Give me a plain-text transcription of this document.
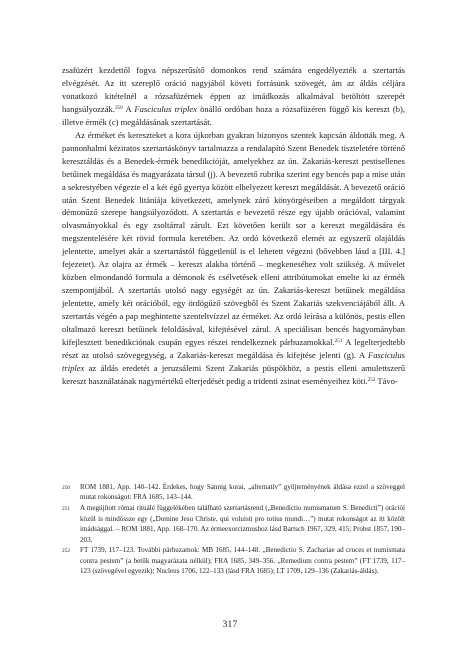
zsafüzért kezdettől fogva népszerűsítő domonkos rend számára engedélyezték a szertartás elvégzését. Az itt szereplő oráció nagyjából követi forrásunk szövegét, ám az áldás céljára vonatkozó kitételnél a rózsafüzérnek éppen az imádkozás alkalmával betöltött szerepét hangsúlyozzák.$^{250}$ A Fasciculus triplex önálló ordóban hoza a rózsafüzéren függő kis kereszt (b), illetve érmék (c) megáldásának szertartását.

Az érméket és kereszteket a kora újkorban gyakran bizonyos szentek kapcsán áldották meg. A pannonhalmi kéziratos szertartáskönyv tartalmazza a rendalapító Szent Benedek tiszteletére történő keresztáldás és a Benedek-érmék benedikcióját, amelyekhez az ún. Zakariás-kereszt pestisellenes betűinek megáldása és magyarázata társul (j). A bevezető rubrika szerint egy bencés pap a mise után a sekrestyében végezte el a két égő gyertya között elhelyezett kereszt megáldását. A bevezető oráció után Szent Benedek litániája következett, amelynek záró könyörgéseiben a megáldott tárgyak démonűző szerepe hangsúlyozódott. A szertartás e bevezető része egy újabb orációval, valamint olvasmányokkal és egy zsoltárral zárult. Ezt követően került sor a kereszt megáldására és megszentelésére két rövid formula keretében. Az ordó következő elemét az egyszerű olajáldás jelentette, amelyet akár a szertartástól függetlenül is el lehetett végezni (bővebben lásd a [III. 4.] fejezetet). Az olajra az érmék – kereszt alakba történő – megkeneséhez volt szükség. A művelet közben elmondandó formula a démonok és csélvetések elleni attribútumokat emelte ki az érmék szempontjából. A szertartás utolsó nagy egységét az ún. Zakariás-kereszt betűinek megáldása jelentette, amely két orációból, egy ördögűző szövegből és Szent Zakariás szekvenciájából állt. A szertartás végén a pap meghintette szenteltvízzel az érméket. Az ordó leírása a különös, pestis ellen oltalmazó kereszt betűinek feloldásával, kifejtésével zárul. A speciálisan bencés hagyományban kifejlesztett benedikciónak csupán egyes részei rendelkeznek párhuzamokkal.$^{251}$ A legelterjedtebb részt az utolsó szövegegység, a Zakariás-kereszt megáldása és kifejtése jelenti (g). A Fasciculus triplex az áldás eredetét a jeruzsálemi Szent Zakariás püspökhöz, a pestis elleni amulettszerű kereszt használatának nagymértékű elterjedését pedig a tridenti zsinat eseményeihez köti.$^{252}$ Távo-

250	ROM 1881, App. 140–142. Érdekes, hogy Sannig korai, „alternatív” gyűjteményének áldása ezzel a szöveggel mutat rokonságot: FRA 1685, 143–144.
251	A megújított római rituálé függelékében található szertartásrend („Benedictio numismatum S. Benedicti”) orációi közül is mindössze egy („Domine Jesu Christe, qui voluisti pro totius mundi…”) mutat rokonságot az itt közölt imádsággal. – ROM 1881, App. 168–170. Az érmeexorcizmushoz lásd Bartsch 1967, 329, 415; Probst 1857, 190–203.
252	FT 1739, 117–123. További párhuzamok: MB 1685, 144–148. „Benedictio S. Zachariae ad cruces et numismata contra pestem” (a betűk magyarázata nélkül); FRA 1685, 349–356. „Remedium contra pestem” (FT 1739, 117–123 (szövegével egyezik); Nucleus 1706, 122–133 (lásd FRA 1685); LT 1709, 129–136 (Zakariás-áldás).
317
